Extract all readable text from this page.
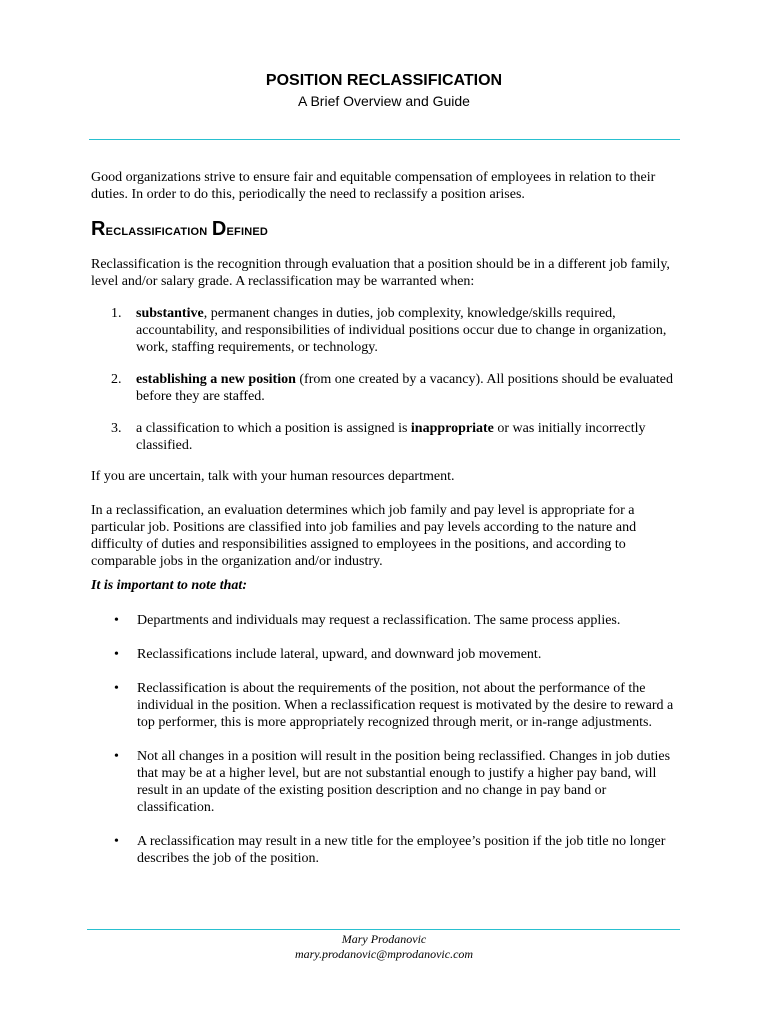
POSITION RECLASSIFICATION
A Brief Overview and Guide
Good organizations strive to ensure fair and equitable compensation of employees in relation to their duties. In order to do this, periodically the need to reclassify a position arises.
Reclassification Defined
Reclassification is the recognition through evaluation that a position should be in a different job family, level and/or salary grade. A reclassification may be warranted when:
1. substantive, permanent changes in duties, job complexity, knowledge/skills required, accountability, and responsibilities of individual positions occur due to change in organization, work, staffing requirements, or technology.
2. establishing a new position (from one created by a vacancy). All positions should be evaluated before they are staffed.
3. a classification to which a position is assigned is inappropriate or was initially incorrectly classified.
If you are uncertain, talk with your human resources department.
In a reclassification, an evaluation determines which job family and pay level is appropriate for a particular job. Positions are classified into job families and pay levels according to the nature and difficulty of duties and responsibilities assigned to employees in the positions, and according to comparable jobs in the organization and/or industry.
It is important to note that:
• Departments and individuals may request a reclassification. The same process applies.
• Reclassifications include lateral, upward, and downward job movement.
• Reclassification is about the requirements of the position, not about the performance of the individual in the position. When a reclassification request is motivated by the desire to reward a top performer, this is more appropriately recognized through merit, or in-range adjustments.
• Not all changes in a position will result in the position being reclassified. Changes in job duties that may be at a higher level, but are not substantial enough to justify a higher pay band, will result in an update of the existing position description and no change in pay band or classification.
• A reclassification may result in a new title for the employee’s position if the job title no longer describes the job of the position.
Mary Prodanovic
mary.prodanovic@mprodanovic.com
